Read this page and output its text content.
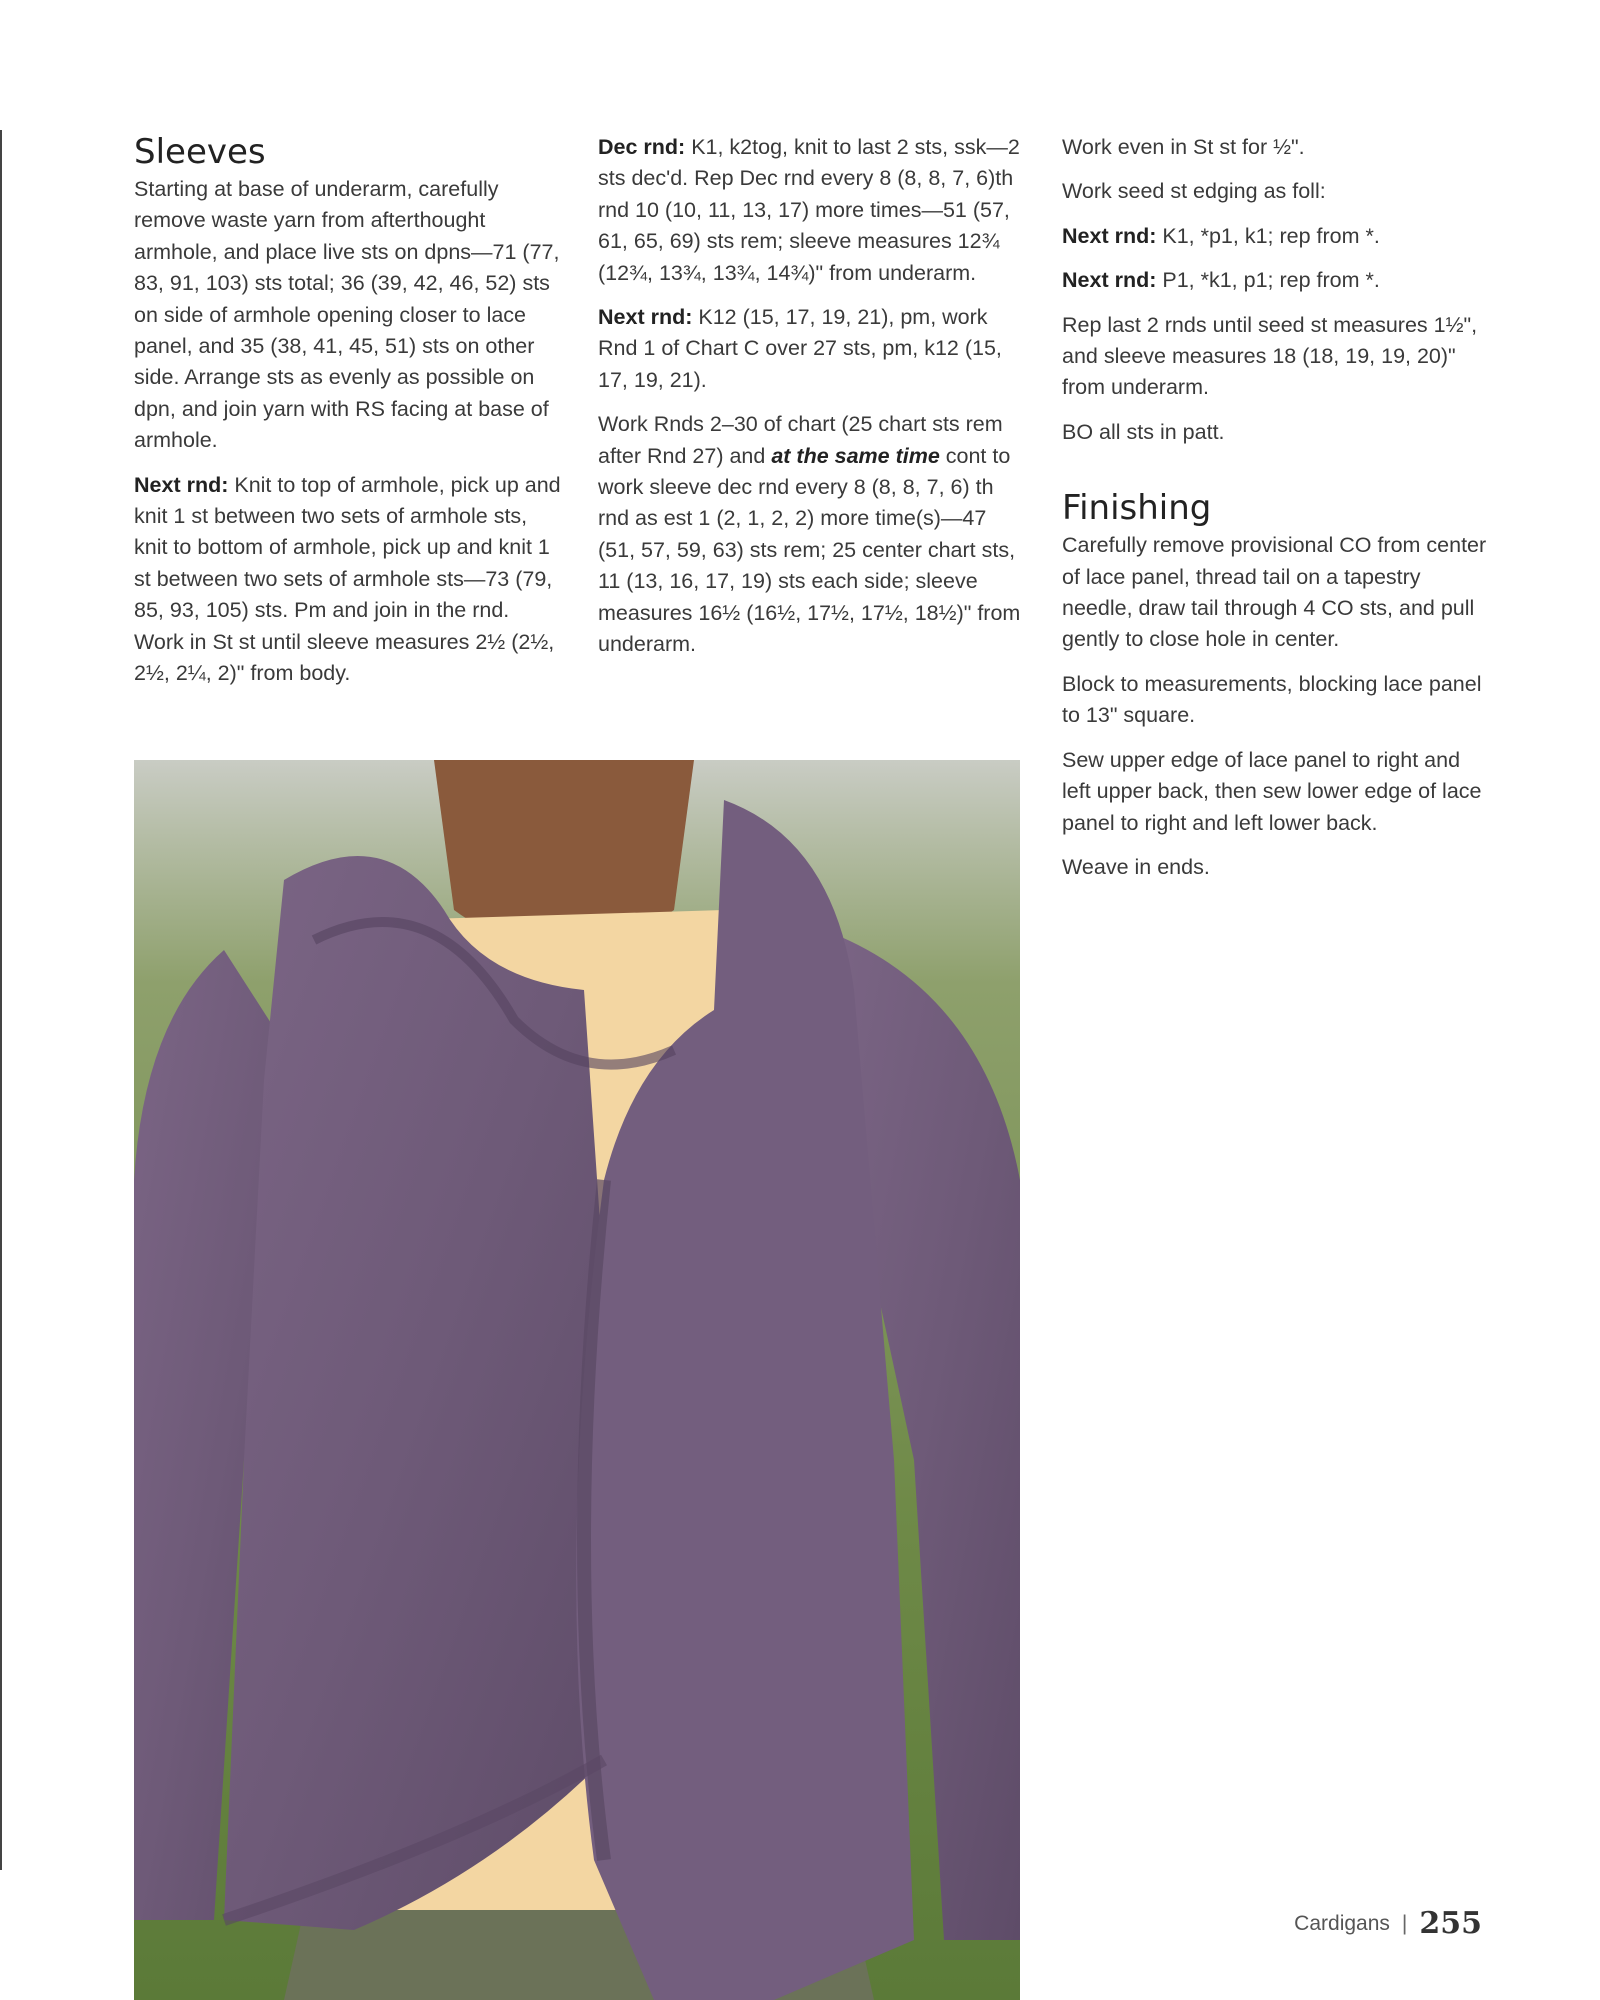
Sleeves

Starting at base of underarm, carefully remove waste yarn from afterthought armhole, and place live sts on dpns—71 (77, 83, 91, 103) sts total; 36 (39, 42, 46, 52) sts on side of armhole opening closer to lace panel, and 35 (38, 41, 45, 51) sts on other side. Arrange sts as evenly as possible on dpn, and join yarn with RS facing at base of armhole.

Next rnd: Knit to top of armhole, pick up and knit 1 st between two sets of armhole sts, knit to bottom of armhole, pick up and knit 1 st between two sets of armhole sts—73 (79, 85, 93, 105) sts. Pm and join in the rnd. Work in St st until sleeve measures 2½ (2½, 2½, 2¼, 2)" from body.

Dec rnd: K1, k2tog, knit to last 2 sts, ssk—2 sts dec'd. Rep Dec rnd every 8 (8, 8, 7, 6)th rnd 10 (10, 11, 13, 17) more times—51 (57, 61, 65, 69) sts rem; sleeve measures 12¾ (12¾, 13¾, 13¾, 14¾)" from underarm.

Next rnd: K12 (15, 17, 19, 21), pm, work Rnd 1 of Chart C over 27 sts, pm, k12 (15, 17, 19, 21).

Work Rnds 2–30 of chart (25 chart sts rem after Rnd 27) and at the same time cont to work sleeve dec rnd every 8 (8, 8, 7, 6) th rnd as est 1 (2, 1, 2, 2) more time(s)—47 (51, 57, 59, 63) sts rem; 25 center chart sts, 11 (13, 16, 17, 19) sts each side; sleeve measures 16½ (16½, 17½, 17½, 18½)" from underarm.

Work even in St st for ½".

Work seed st edging as foll:

Next rnd: K1, *p1, k1; rep from *.

Next rnd: P1, *k1, p1; rep from *.

Rep last 2 rnds until seed st measures 1½", and sleeve measures 18 (18, 19, 19, 20)" from underarm.

BO all sts in patt.

Finishing

Carefully remove provisional CO from center of lace panel, thread tail on a tapestry needle, draw tail through 4 CO sts, and pull gently to close hole in center.

Block to measurements, blocking lace panel to 13" square.

Sew upper edge of lace panel to right and left upper back, then sew lower edge of lace panel to right and left lower back.

Weave in ends.

Cardigans | 255
